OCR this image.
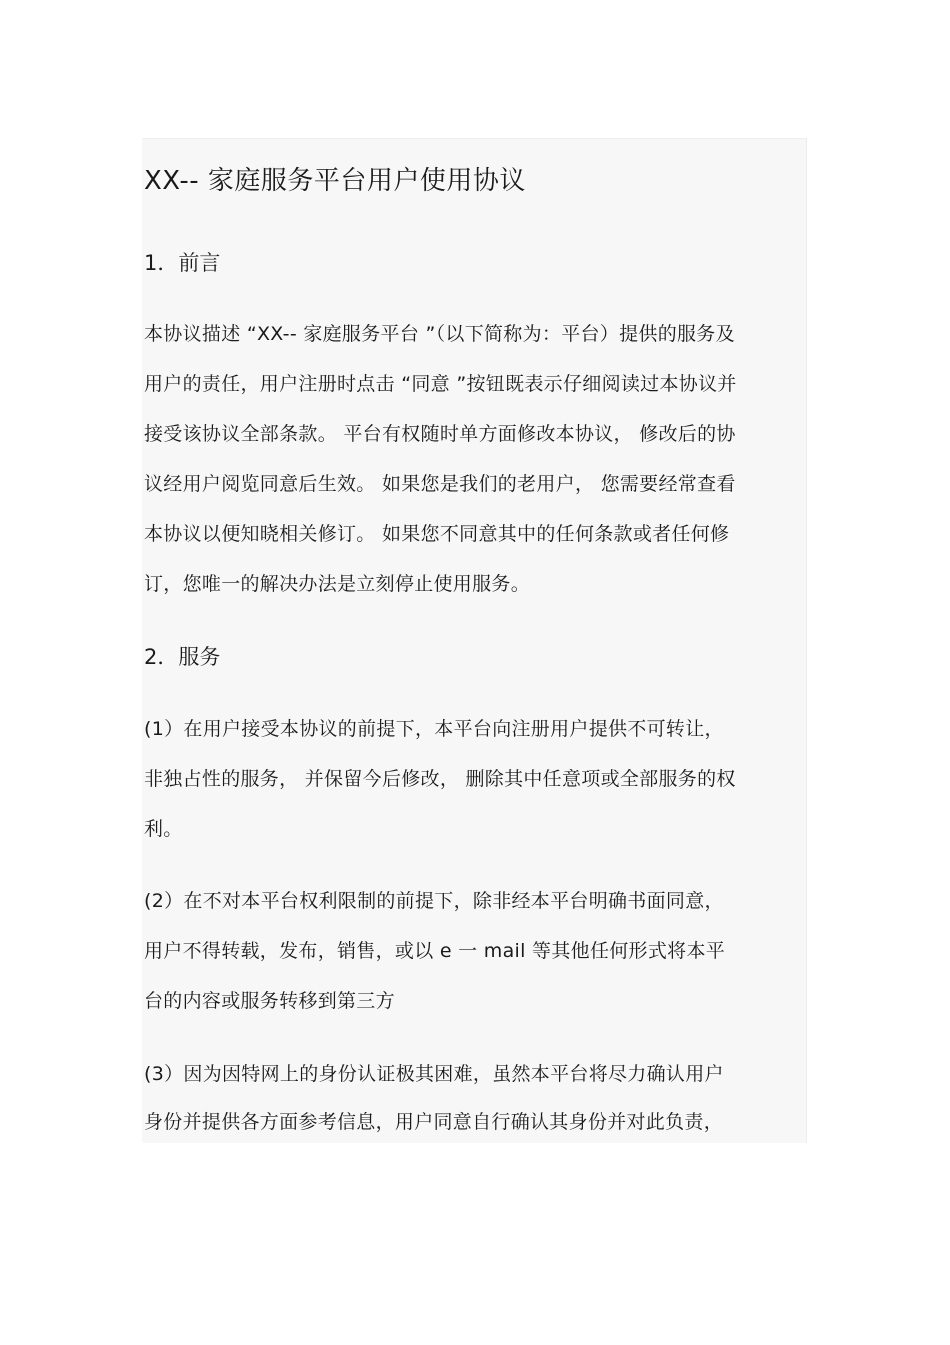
XX-- 家庭服务平台用户使用协议
1．前言

本协议描述 “XX-- 家庭服务平台 ”（以下简称为：平台）提供的服务及

用户的责任，用户注册时点击 “同意 ”按钮既表示仔细阅读过本协议并

接受该协议全部条款。 平台有权随时单方面修改本协议， 修改后的协

议经用户阅览同意后生效。 如果您是我们的老用户， 您需要经常查看

本协议以便知晓相关修订。 如果您不同意其中的任何条款或者任何修

订，您唯一的解决办法是立刻停止使用服务。

2．服务

(1）在用户接受本协议的前提下，本平台向注册用户提供不可转让，

非独占性的服务， 并保留今后修改， 删除其中任意项或全部服务的权

利。

(2）在不对本平台权利限制的前提下，除非经本平台明确书面同意，

用户不得转载，发布，销售，或以 e 一 mail 等其他任何形式将本平

台的内容或服务转移到第三方

(3）因为因特网上的身份认证极其困难，虽然本平台将尽力确认用户

身份并提供各方面参考信息，用户同意自行确认其身份并对此负责，
